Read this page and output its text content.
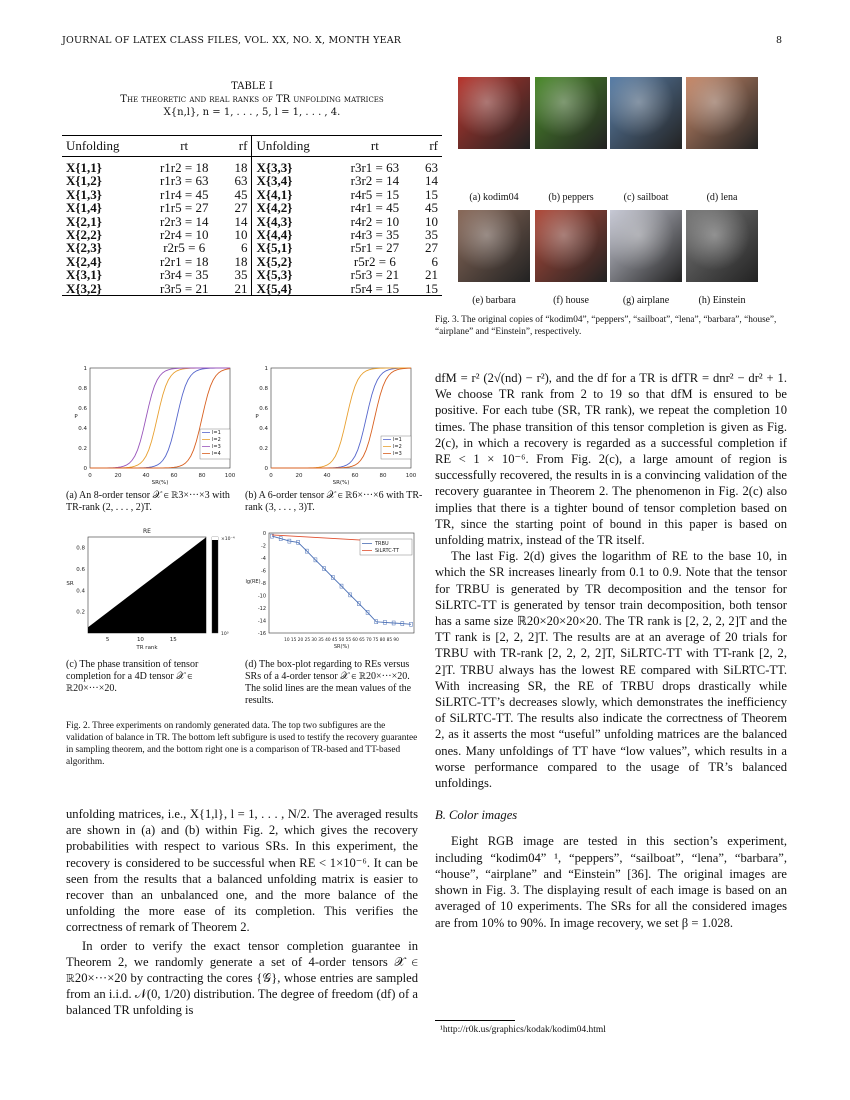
JOURNAL OF LATEX CLASS FILES, VOL. XX, NO. X, MONTH YEAR	8
TABLE I
The theoretic and real ranks of TR unfolding matrices
X{n,l}, n = 1, . . . , 5, l = 1, . . . , 4.
Unfolding	rt	rf	Unfolding	rt	rf
X{1,1}	r1r2 = 18	18	X{3,3}	r3r1 = 63	63
X{1,2}	r1r3 = 63	63	X{3,4}	r3r2 = 14	14
X{1,3}	r1r4 = 45	45	X{4,1}	r4r5 = 15	15
X{1,4}	r1r5 = 27	27	X{4,2}	r4r1 = 45	45
X{2,1}	r2r3 = 14	14	X{4,3}	r4r2 = 10	10
X{2,2}	r2r4 = 10	10	X{4,4}	r4r3 = 35	35
X{2,3}	r2r5 = 6	6	X{5,1}	r5r1 = 27	27
X{2,4}	r2r1 = 18	18	X{5,2}	r5r2 = 6	6
X{3,1}	r3r4 = 35	35	X{5,3}	r5r3 = 21	21
X{3,2}	r3r5 = 21	21	X{5,4}	r5r4 = 15	15
(a) kodim04	(b) peppers	(c) sailboat	(d) lena
(e) barbara	(f) house	(g) airplane	(h) Einstein
Fig. 3. The original copies of “kodim04”, “peppers”, “sailboat”, “lena”, “barbara”, “house”, “airplane” and “Einstein”, respectively.
0	20	40	60	80	100
0
0.2
0.4
0.6
0.8
1
SR(%)
P
l=1
l=2
l=3
l=4
0	20	40	60	80	100
0
0.2
0.4
0.6
0.8
1
SR(%)
P
l=1
l=2
l=3
(a) An 8-order tensor 𝒳 ∈ ℝ3×···×3 with TR-rank (2, . . . , 2)T.
(b) A 6-order tensor 𝒳 ∈ ℝ6×···×6 with TR-rank (3, . . . , 3)T.
×10⁻⁴
10⁰
RE
TR rank
SR
5	10	15
0.2
0.4
0.6
0.8
0
-2
-4
-6
-8
-10
-12
-14
-16
10 15 20 25 30 35 40 45 50 55 60 65 70 75 80 85 90
SR(%)
lg(RE)
TRBU
SiLRTC-TT
(c) The phase transition of tensor completion for a 4D tensor 𝒳 ∈ ℝ20×···×20.
(d) The box-plot regarding to REs versus SRs of a 4-order tensor 𝒳 ∈ ℝ20×···×20. The solid lines are the mean values of the results.
Fig. 2. Three experiments on randomly generated data. The top two subfigures are the validation of balance in TR. The bottom left subfigure is used to testify the recovery guarantee in sampling theorem, and the bottom right one is a comparison of TR-based and TT-based algorithm.

unfolding matrices, i.e., X{1,l}, l = 1, . . . , N/2. The averaged results are shown in (a) and (b) within Fig. 2, which gives the recovery probabilities with respect to various SRs. In this experiment, the recovery is considered to be successful when RE < 1×10⁻⁶. It can be seen from the results that a balanced unfolding matrix is easier to recover than an unbalanced one, and the more balance of the unfolding the more ease of its completion. This verifies the correctness of remark of Theorem 2.

In order to verify the exact tensor completion guarantee in Theorem 2, we randomly generate a set of 4-order tensors 𝒳 ∈ ℝ20×···×20 by contracting the cores {𝒢}, whose entries are sampled from an i.i.d. 𝒩(0, 1/20) distribution. The degree of freedom (df) of a balanced TR unfolding is

dfM = r² (2√(nd) − r²), and the df for a TR is dfTR = dnr² − dr² + 1. We choose TR rank from 2 to 19 so that dfM is ensured to be positive. For each tube (SR, TR rank), we repeat the completion 10 times. The phase transition of this tensor completion is given as Fig. 2(c), in which a recovery is regarded as a successful completion if RE < 1 × 10⁻⁶. From Fig. 2(c), a large amount of region is successfully recovered, the results in is a convincing validation of the recovery guarantee in Theorem 2. The phenomenon in Fig. 2(c) also implies that there is a tighter bound of tensor completion based on TR, since the starting point of bound in this paper is based on unfolding matrix, instead of the TR itself.

The last Fig. 2(d) gives the logarithm of RE to the base 10, in which the SR increases linearly from 0.1 to 0.9. Note that the tensor for TRBU is generated by TR decomposition and the tensor for SiLRTC-TT is generated by tensor train decomposition, both tensor has a same size ℝ20×20×20×20. The TR rank is [2, 2, 2, 2]T and the TT rank is [2, 2, 2]T. The results are at an average of 20 trials for TRBU with TR-rank [2, 2, 2, 2]T, SiLRTC-TT with TT-rank [2, 2, 2]T. TRBU always has the lowest RE compared with SiLRTC-TT. With increasing SR, the RE of TRBU drops drastically while SiLRTC-TT’s decreases slowly, which demonstrates the inefficiency of SiLRTC-TT. The results also indicate the correctness of Theorem 2, as it asserts the most “useful” unfolding matrices are the balanced ones. Many unfoldings of TT have “low values”, which results in a worse performance compared to the usage of TR’s balanced unfoldings.

B. Color images

Eight RGB image are tested in this section’s experiment, including “kodim04” ¹, “peppers”, “sailboat”, “lena”, “barbara”, “house”, “airplane” and “Einstein” [36]. The original images are shown in Fig. 3. The displaying result of each image is based on an averaged of 10 experiments. The SRs for all the considered images are from 10% to 90%. In image recovery, we set β = 1.028.

¹http://r0k.us/graphics/kodak/kodim04.html
